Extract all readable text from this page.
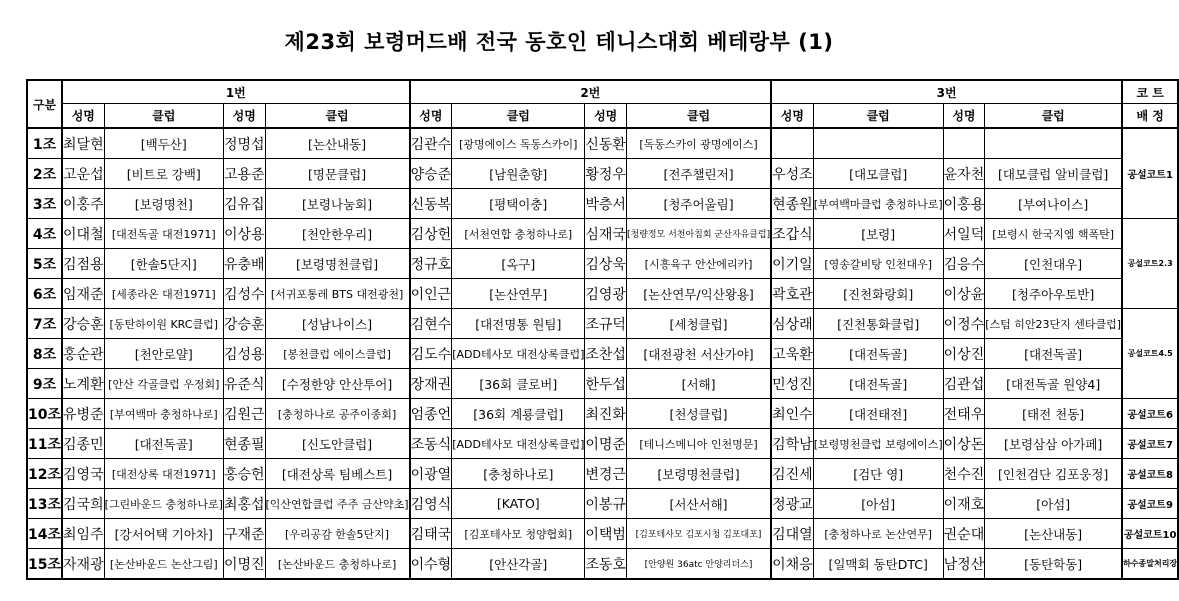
제23회 보령머드배 전국 동호인 테니스대회 베테랑부 (1)
구분	1번				2번				3번				코 트
	성명	클럽	성명	클럽	성명	클럽	성명	클럽	성명	클럽	성명	클럽	배 정
1조	최달현	[백두산]	정명섭	[논산내동]	김관수	[광명에이스 독동스카이]	신동환	[독동스카이 광명에이스]					공설코트1
2조	고운섭	[비트로 강백]	고용준	[명문클럽]	양승준	[남원춘향]	황정우	[전주챌린저]	우성조	[대모클럽]	윤자천	[대모클럽 알비클럽]	
3조	이홍주	[보령명천]	김유집	[보령나눔회]	신동복	[평택이충]	박층서	[청주어울림]	현종원	[부여백마클럽 충청하나로]	이홍용	[부여나이스]	
4조	이대철	[대전독골 대전1971]	이상용	[천안한우리]	김상헌	[서천연합 충청하나로]	심재국	[청량정모 서천아침회 군산자유클럽]	조갑식	[보령]	서일덕	[보령시 한국지엠 핵폭탄]	공설코트2.3
5조	김점용	[한솔5단지]	유충배	[보령명천클럽]	정규호	[옥구]	김상욱	[시흥육구 안산에리카]	이기일	[영송갈비탕 인천대우]	김응수	[인천대우]	
6조	임재준	[세종라온 대전1971]	김성수	[서귀포통레 BTS 대전광천]	이인근	[논산연무]	김영광	[논산연무/익산왕용]	곽호관	[진천화랑회]	이상윤	[청주아우토반]	
7조	강승훈	[동탄하이원 KRC클럽]	강승훈	[성남나이스]	김현수	[대전명통 원팀]	조규덕	[세청클럽]	심상래	[진천통화클럽]	이정수	[스텀 히안23단지 센타클럽]	공설코트4.5
8조	홍순관	[천안로얄]	김성용	[봉천클럽 에이스클럽]	김도수	[ADD테사모 대전상록클럽]	조찬섭	[대전광천 서산가야]	고욱환	[대전독골]	이상진	[대전독골]	
9조	노계환	[안산 각골클럽 우정회]	유준식	[수정한양 안산투어]	장재권	[36회 클로버]	한두섭	[서해]	민성진	[대전독골]	김관섭	[대전독골 원양4]	
10조	유병준	[부여백마 충청하나로]	김원근	[충청하나로 공주이종회]	엄종언	[36회 계룡클럽]	최진화	[천성클럽]	최인수	[대전태전]	전태우	[태전 천동]	공설코트6
11조	김종민	[대전독골]	현종필	[신도안클럽]	조동식	[ADD테사모 대전상록클럽]	이명준	[테니스메니아 인천명문]	김학남	[보령명천클럽 보령에이스]	이상돈	[보령삼삼 아가페]	공설코트7
12조	김영국	[대전상록 대전1971]	홍승헌	[대전상록 팀베스트]	이광열	[충청하나로]	변경근	[보령명천클럽]	김진세	[검단 영]	천수진	[인천검단 김포웅정]	공설코트8
13조	김국희	[그린바운드 충청하나로]	최홍섭	[익산연합클럽 주주 금산약초]	김영식	[KATO]	이봉규	[서산서해]	정광교	[아섬]	이재호	[아섬]	공설코트9
14조	최임주	[강서어택 기아차]	구재준	[우리공감 한솔5단지]	김태국	[김포테사모 청양협회]	이택범	[김포테사모 김포시청 김포대포]	김대열	[충청하나로 논산연무]	권순대	[논산내동]	공설코트10
15조	자재광	[논산바운드 논산그림]	이명진	[논산바운드 충청하나로]	이수형	[안산각골]	조동호	[안양원 36atc 안양리더스]	이채응	[일맥회 동탄DTC]	남정산	[동탄학동]	하수종말처리장
